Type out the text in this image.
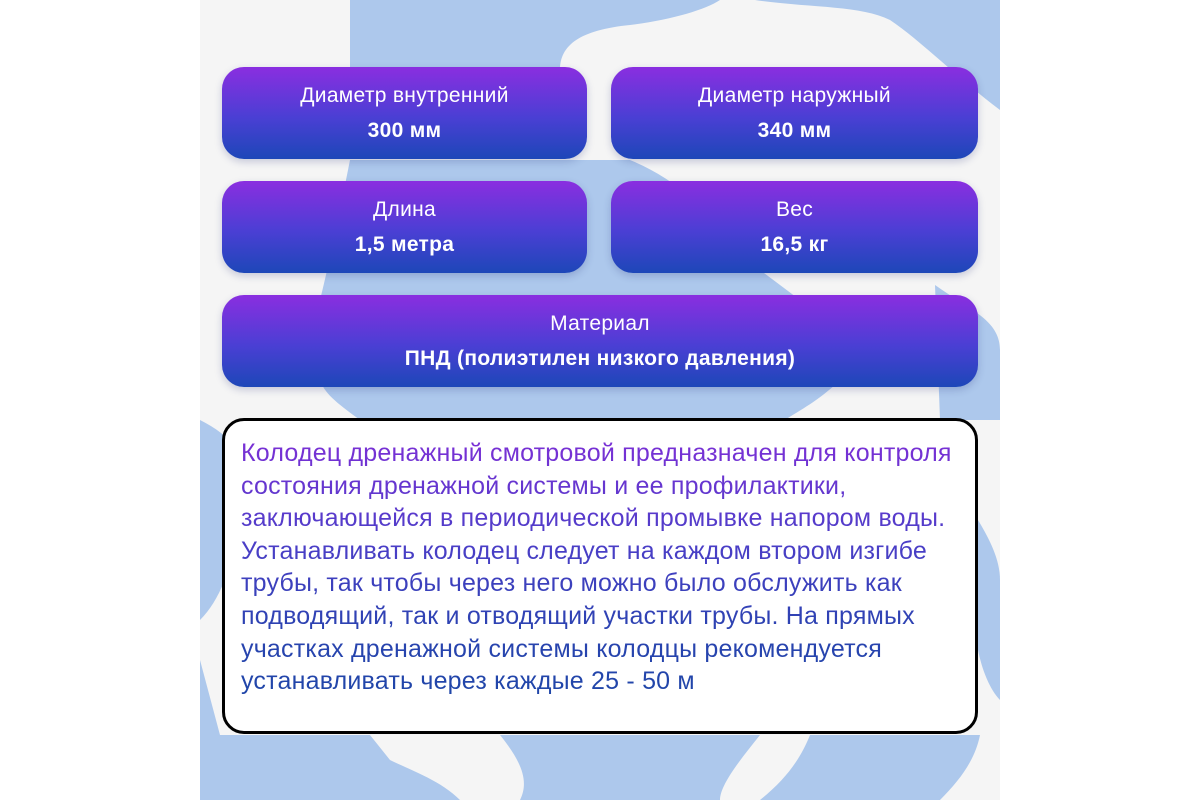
Диаметр внутренний
300 мм
Диаметр наружный
340 мм
Длина
1,5 метра
Вес
16,5 кг
Материал
ПНД (полиэтилен низкого давления)

Колодец дренажный смотровой предназначен для контроля состояния дренажной системы и ее профилактики, заключающейся в периодической промывке напором воды. Устанавливать колодец следует на каждом втором изгибе трубы, так чтобы через него можно было обслужить как подводящий, так и отводящий участки трубы. На прямых участках дренажной системы колодцы рекомендуется устанавливать через каждые 25 - 50 м
